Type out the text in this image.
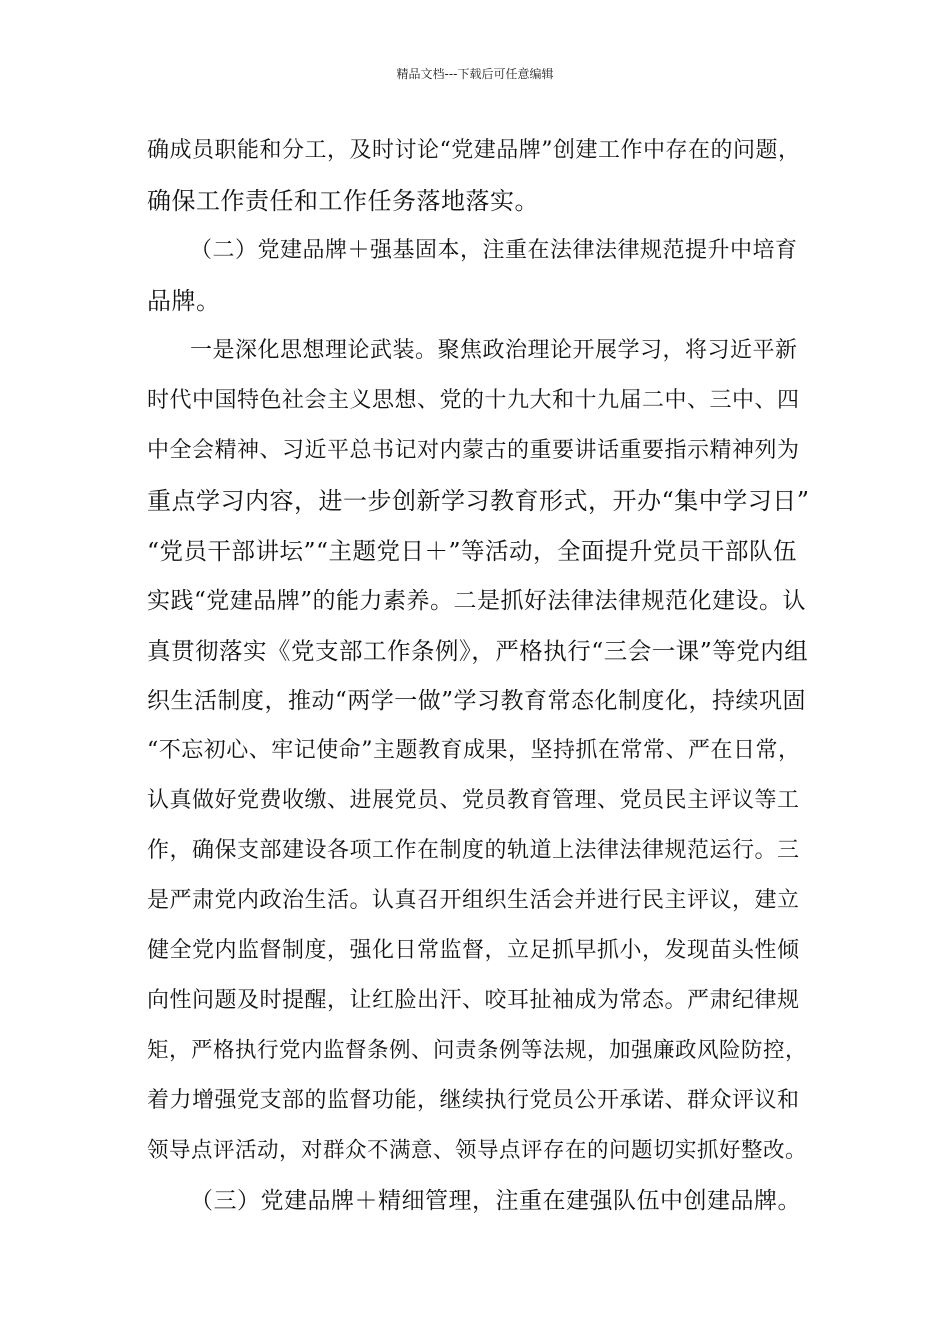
精品文档---下载后可任意编辑
确成员职能和分工，及时讨论“党建品牌”创建工作中存在的问题，
确保工作责任和工作任务落地落实。
（二）党建品牌＋强基固本，注重在法律法律规范提升中培育
品牌。
一是深化思想理论武装。聚焦政治理论开展学习，将习近平新
时代中国特色社会主义思想、党的十九大和十九届二中、三中、四
中全会精神、习近平总书记对内蒙古的重要讲话重要指示精神列为
重点学习内容，进一步创新学习教育形式，开办“集中学习日”
“党员干部讲坛”“主题党日＋”等活动，全面提升党员干部队伍
实践“党建品牌”的能力素养。二是抓好法律法律规范化建设。认
真贯彻落实《党支部工作条例》，严格执行“三会一课”等党内组
织生活制度，推动“两学一做”学习教育常态化制度化，持续巩固
“不忘初心、牢记使命”主题教育成果，坚持抓在常常、严在日常，
认真做好党费收缴、进展党员、党员教育管理、党员民主评议等工
作，确保支部建设各项工作在制度的轨道上法律法律规范运行。三
是严肃党内政治生活。认真召开组织生活会并进行民主评议，建立
健全党内监督制度，强化日常监督，立足抓早抓小，发现苗头性倾
向性问题及时提醒，让红脸出汗、咬耳扯袖成为常态。严肃纪律规
矩，严格执行党内监督条例、问责条例等法规，加强廉政风险防控，
着力增强党支部的监督功能，继续执行党员公开承诺、群众评议和
领导点评活动，对群众不满意、领导点评存在的问题切实抓好整改。
（三）党建品牌＋精细管理，注重在建强队伍中创建品牌。
